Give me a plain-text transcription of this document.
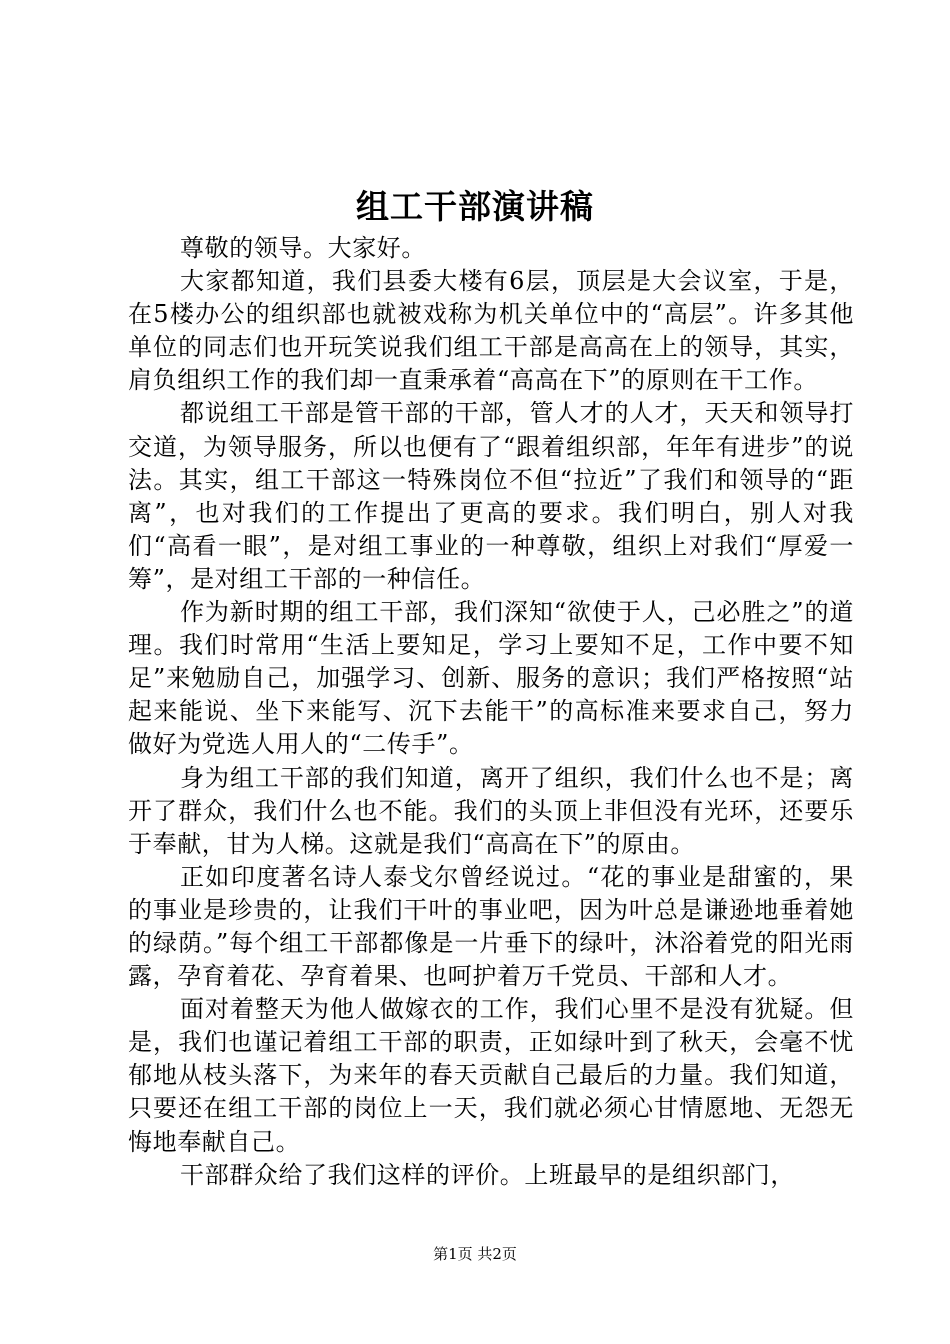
组工干部演讲稿

尊敬的领导。大家好。

大家都知道，我们县委大楼有6层，顶层是大会议室，于是，在5楼办公的组织部也就被戏称为机关单位中的“高层”。许多其他单位的同志们也开玩笑说我们组工干部是高高在上的领导，其实，肩负组织工作的我们却一直秉承着“高高在下”的原则在干工作。

都说组工干部是管干部的干部，管人才的人才，天天和领导打交道，为领导服务，所以也便有了“跟着组织部，年年有进步”的说法。其实，组工干部这一特殊岗位不但“拉近”了我们和领导的“距离”，也对我们的工作提出了更高的要求。我们明白，别人对我们“高看一眼”，是对组工事业的一种尊敬，组织上对我们“厚爱一筹”，是对组工干部的一种信任。

作为新时期的组工干部，我们深知“欲使于人，己必胜之”的道理。我们时常用“生活上要知足，学习上要知不足，工作中要不知足”来勉励自己，加强学习、创新、服务的意识；我们严格按照“站起来能说、坐下来能写、沉下去能干”的高标准来要求自己，努力做好为党选人用人的“二传手”。

身为组工干部的我们知道，离开了组织，我们什么也不是；离开了群众，我们什么也不能。我们的头顶上非但没有光环，还要乐于奉献，甘为人梯。这就是我们“高高在下”的原由。

正如印度著名诗人泰戈尔曾经说过。“花的事业是甜蜜的，果的事业是珍贵的，让我们干叶的事业吧，因为叶总是谦逊地垂着她的绿荫。”每个组工干部都像是一片垂下的绿叶，沐浴着党的阳光雨露，孕育着花、孕育着果、也呵护着万千党员、干部和人才。

面对着整天为他人做嫁衣的工作，我们心里不是没有犹疑。但是，我们也谨记着组工干部的职责，正如绿叶到了秋天，会毫不忧郁地从枝头落下，为来年的春天贡献自己最后的力量。我们知道，只要还在组工干部的岗位上一天，我们就必须心甘情愿地、无怨无悔地奉献自己。

干部群众给了我们这样的评价。上班最早的是组织部门，

第1页 共2页
